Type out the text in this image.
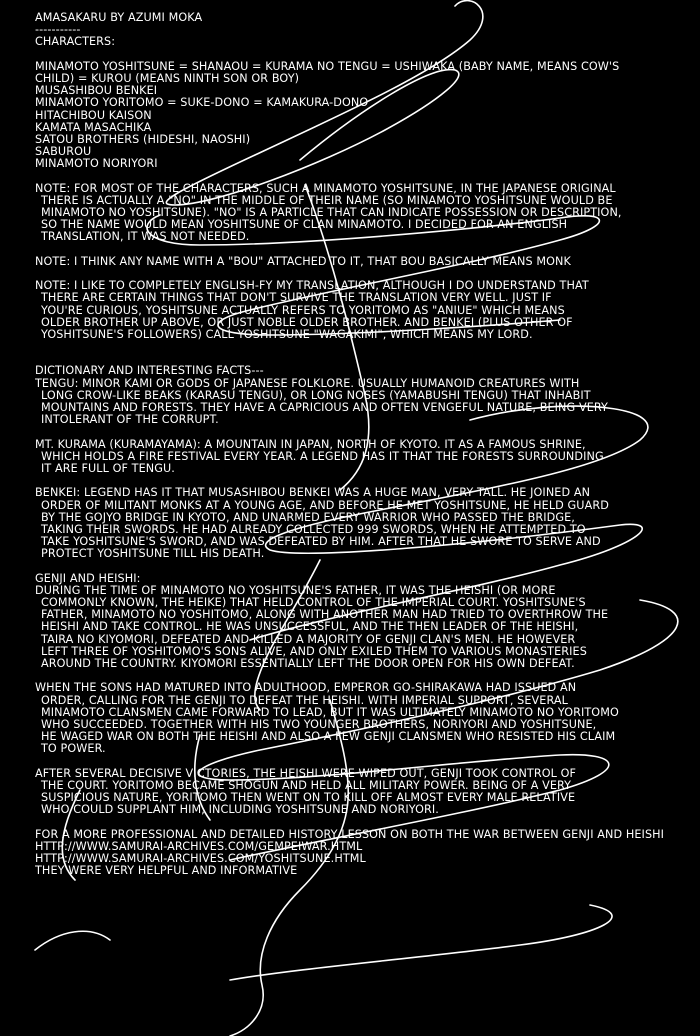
AMASAKARU BY AZUMI MOKA
-----------
CHARACTERS:
MINAMOTO YOSHITSUNE = SHANAOU = KURAMA NO TENGU = USHIWAKA (BABY NAME, MEANS COW'S
CHILD) = KUROU (MEANS NINTH SON OR BOY)
MUSASHIBOU BENKEI
MINAMOTO YORITOMO = SUKE-DONO = KAMAKURA-DONO
HITACHIBOU KAISON
KAMATA MASACHIKA
SATOU BROTHERS (HIDESHI, NAOSHI)
SABUROU
MINAMOTO NORIYORI
NOTE: FOR MOST OF THE CHARACTERS, SUCH A MINAMOTO YOSHITSUNE, IN THE JAPANESE ORIGINAL
THERE IS ACTUALLY A "NO" IN THE MIDDLE OF THEIR NAME (SO MINAMOTO YOSHITSUNE WOULD BE
MINAMOTO NO YOSHITSUNE). "NO" IS A PARTICLE THAT CAN INDICATE POSSESSION OR DESCRIPTION,
SO THE NAME WOULD MEAN YOSHITSUNE OF CLAN MINAMOTO. I DECIDED FOR AN ENGLISH
TRANSLATION, IT WAS NOT NEEDED.
NOTE: I THINK ANY NAME WITH A "BOU" ATTACHED TO IT, THAT BOU BASICALLY MEANS MONK
NOTE: I LIKE TO COMPLETELY ENGLISH-FY MY TRANSLATION, ALTHOUGH I DO UNDERSTAND THAT
THERE ARE CERTAIN THINGS THAT DON'T SURVIVE THE TRANSLATION VERY WELL. JUST IF
YOU'RE CURIOUS, YOSHITSUNE ACTUALLY REFERS TO YORITOMO AS "ANIUE" WHICH MEANS
OLDER BROTHER UP ABOVE, OR JUST NOBLE OLDER BROTHER. AND BENKEI (PLUS OTHER OF
YOSHITSUNE'S FOLLOWERS) CALL YOSHITSUNE "WAGAKIMI", WHICH MEANS MY LORD.
DICTIONARY AND INTERESTING FACTS---
TENGU: MINOR KAMI OR GODS OF JAPANESE FOLKLORE. USUALLY HUMANOID CREATURES WITH
LONG CROW-LIKE BEAKS (KARASU TENGU), OR LONG NOSES (YAMABUSHI TENGU) THAT INHABIT
MOUNTAINS AND FORESTS. THEY HAVE A CAPRICIOUS AND OFTEN VENGEFUL NATURE, BEING VERY
INTOLERANT OF THE CORRUPT.
MT. KURAMA (KURAMAYAMA): A MOUNTAIN IN JAPAN, NORTH OF KYOTO. IT AS A FAMOUS SHRINE,
WHICH HOLDS A FIRE FESTIVAL EVERY YEAR. A LEGEND HAS IT THAT THE FORESTS SURROUNDING
IT ARE FULL OF TENGU.
BENKEI: LEGEND HAS IT THAT MUSASHIBOU BENKEI WAS A HUGE MAN, VERY TALL. HE JOINED AN
ORDER OF MILITANT MONKS AT A YOUNG AGE, AND BEFORE HE MET YOSHITSUNE, HE HELD GUARD
BY THE GOJYO BRIDGE IN KYOTO, AND UNARMED EVERY WARRIOR WHO PASSED THE BRIDGE,
TAKING THEIR SWORDS. HE HAD ALREADY COLLECTED 999 SWORDS, WHEN HE ATTEMPTED TO
TAKE YOSHITSUNE'S SWORD, AND WAS DEFEATED BY HIM. AFTER THAT HE SWORE TO SERVE AND
PROTECT YOSHITSUNE TILL HIS DEATH.
GENJI AND HEISHI:
DURING THE TIME OF MINAMOTO NO YOSHITSUNE'S FATHER, IT WAS THE HEISHI (OR MORE
COMMONLY KNOWN, THE HEIKE) THAT HELD CONTROL OF THE IMPERIAL COURT. YOSHITSUNE'S
FATHER, MINAMOTO NO YOSHITOMO, ALONG WITH ANOTHER MAN HAD TRIED TO OVERTHROW THE
HEISHI AND TAKE CONTROL. HE WAS UNSUCCESSFUL, AND THE THEN LEADER OF THE HEISHI,
TAIRA NO KIYOMORI, DEFEATED AND KILLED A MAJORITY OF GENJI CLAN'S MEN. HE HOWEVER
LEFT THREE OF YOSHITOMO'S SONS ALIVE, AND ONLY EXILED THEM TO VARIOUS MONASTERIES
AROUND THE COUNTRY. KIYOMORI ESSENTIALLY LEFT THE DOOR OPEN FOR HIS OWN DEFEAT.
WHEN THE SONS HAD MATURED INTO ADULTHOOD, EMPEROR GO-SHIRAKAWA HAD ISSUED AN
ORDER, CALLING FOR THE GENJI TO DEFEAT THE HEISHI. WITH IMPERIAL SUPPORT, SEVERAL
MINAMOTO CLANSMEN CAME FORWARD TO LEAD, BUT IT WAS ULTIMATELY MINAMOTO NO YORITOMO
WHO SUCCEEDED. TOGETHER WITH HIS TWO YOUNGER BROTHERS, NORIYORI AND YOSHITSUNE,
HE WAGED WAR ON BOTH THE HEISHI AND ALSO A FEW GENJI CLANSMEN WHO RESISTED HIS CLAIM
TO POWER.
AFTER SEVERAL DECISIVE VICTORIES, THE HEISHI WERE WIPED OUT, GENJI TOOK CONTROL OF
THE COURT. YORITOMO BECAME SHOGUN AND HELD ALL MILITARY POWER. BEING OF A VERY
SUSPICIOUS NATURE, YORITOMO THEN WENT ON TO KILL OFF ALMOST EVERY MALE RELATIVE
WHO COULD SUPPLANT HIM, INCLUDING YOSHITSUNE AND NORIYORI.
FOR A MORE PROFESSIONAL AND DETAILED HISTORY LESSON ON BOTH THE WAR BETWEEN GENJI AND HEISHI
HTTP://WWW.SAMURAI-ARCHIVES.COM/GEMPEIWAR.HTML
HTTP://WWW.SAMURAI-ARCHIVES.COM/YOSHITSUNE.HTML
THEY WERE VERY HELPFUL AND INFORMATIVE
